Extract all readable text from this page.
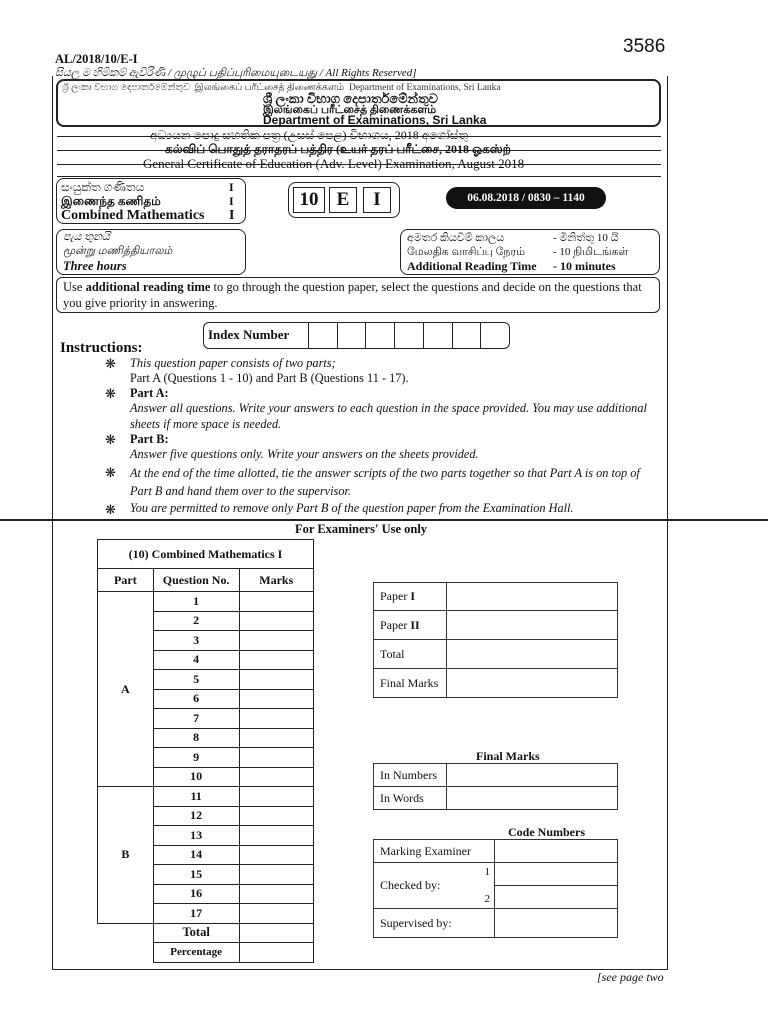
AL/2018/10/E-I
3586
සියලු ම හිමිකම් ඇවිරිණි / முழுப் பதிப்புரிமையுடையது / All Rights Reserved]
ශ්‍රී ලංකා විභාග දෙපාර්තමේන්තුව இலங்கைப் பரீட்சைத் திணைக்களம் Department of Examinations, Sri Lanka
ශ්‍රී ලංකා විභාග දෙපාර්තමේන්තුව
இலங்கைப் பரீட்சைத் திணைக்களம்
Department of Examinations, Sri Lanka
අධ්‍යයන පොදු සහතික පත්‍ර (උසස් පෙළ) විභාගය, 2018 අගෝස්තු
கல்விப் பொதுத் தராதரப் பத்திர (உயர் தரப் பரீட்சை, 2018 ஓகஸ்ற்
General Certificate of Education (Adv. Level) Examination, August 2018
සංයුක්ත ගණිතය
இணைந்த கணிதம்
Combined Mathematics
I
I
I
10 E	I	06.08.2018 / 0830 – 1140
පැය තුනයි
மூன்று மணித்தியாலம்
Three hours
අමතර කියවීම් කාලය	- මිනිත්තු 10 යි
மேலதிக வாசிப்பு நேரம்	- 10 நிமிடங்கள்
Additional Reading Time - 10 minutes
Use additional reading time to go through the question paper, select the questions and decide on the questions that you give priority in answering.
Index Number
Instructions:
❋ This question paper consists of two parts;
Part A (Questions 1 - 10) and Part B (Questions 11 - 17).
❋ Part A:
Answer all questions. Write your answers to each question in the space provided. You may use additional sheets if more space is needed.
❋ Part B:
Answer five questions only. Write your answers on the sheets provided.
❋ At the end of the time allotted, tie the answer scripts of the two parts together so that Part A is on top of Part B and hand them over to the supervisor.
❋ You are permitted to remove only Part B of the question paper from the Examination Hall.
For Examiners' Use only
(10) Combined Mathematics I		
Part	Question No.	Marks
A	1	
	2	
	3	
	4	
	5	
	6	
	7	
	8	
	9	
	10	
B	11	
	12	
	13	
	14	
	15	
	16	
	17	
	Total	
	Percentage	
Paper I	
Paper II	
Total	
Final Marks	
Final Marks
In Numbers	
In Words	
Code Numbers
Marking Examiner	
Checked by:
1
2	

Supervised by:	
[see page two
